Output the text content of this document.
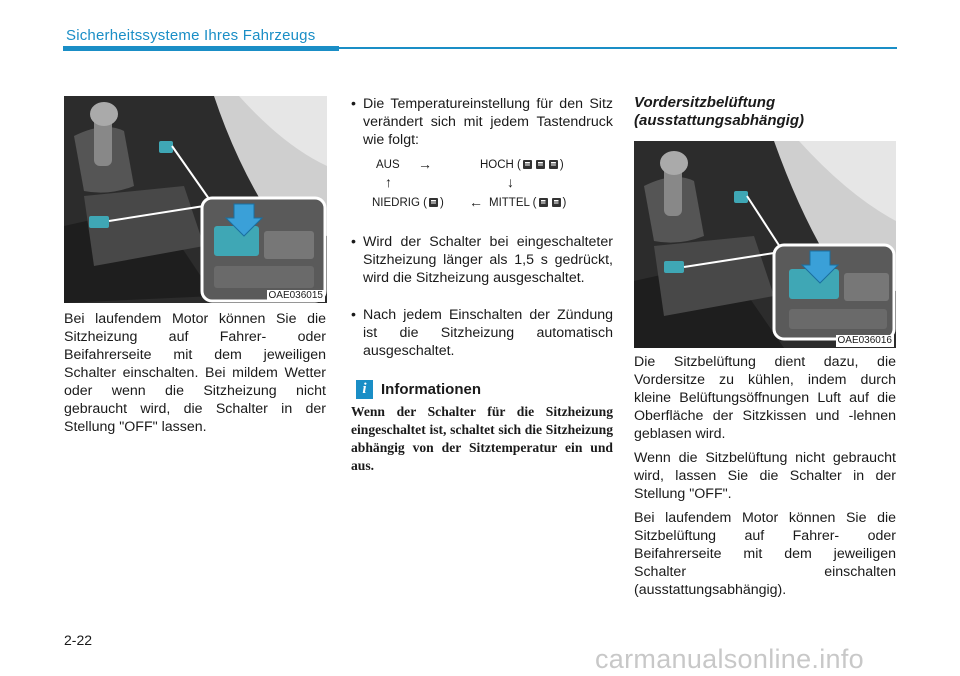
Sicherheitssysteme Ihres Fahrzeugs
OAE036015

Bei laufendem Motor können Sie die Sitzheizung auf Fahrer- oder Beifahrerseite mit dem jeweiligen Schalter einschalten. Bei mildem Wetter oder wenn die Sitzheizung nicht gebraucht wird, die Schalter in der Stellung "OFF" lassen.

• Die Temperatureinstellung für den Sitz verändert sich mit jedem Tastendruck wie folgt:
AUS →	HOCH (	)
↑	↓
NIEDRIG ( ) ← MITTEL ( )
• Wird der Schalter bei eingeschalteter Sitzheizung länger als 1,5 s gedrückt, wird die Sitzheizung ausgeschaltet.
• Nach jedem Einschalten der Zündung ist die Sitzheizung automatisch ausgeschaltet.
i Informationen
Wenn der Schalter für die Sitzheizung eingeschaltet ist, schaltet sich die Sitzheizung abhängig von der Sitztemperatur ein und aus.
Vordersitzbelüftung
(ausstattungsabhängig)
OAE036016

Die Sitzbelüftung dient dazu, die Vordersitze zu kühlen, indem durch kleine Belüftungsöffnungen Luft auf die Oberfläche der Sitzkissen und -lehnen geblasen wird.

Wenn die Sitzbelüftung nicht gebraucht wird, lassen Sie die Schalter in der Stellung "OFF".

Bei laufendem Motor können Sie die Sitzbelüftung auf Fahrer- oder Beifahrerseite mit dem jeweiligen Schalter einschalten (ausstattungsabhängig).

2-22
carmanualsonline.info
